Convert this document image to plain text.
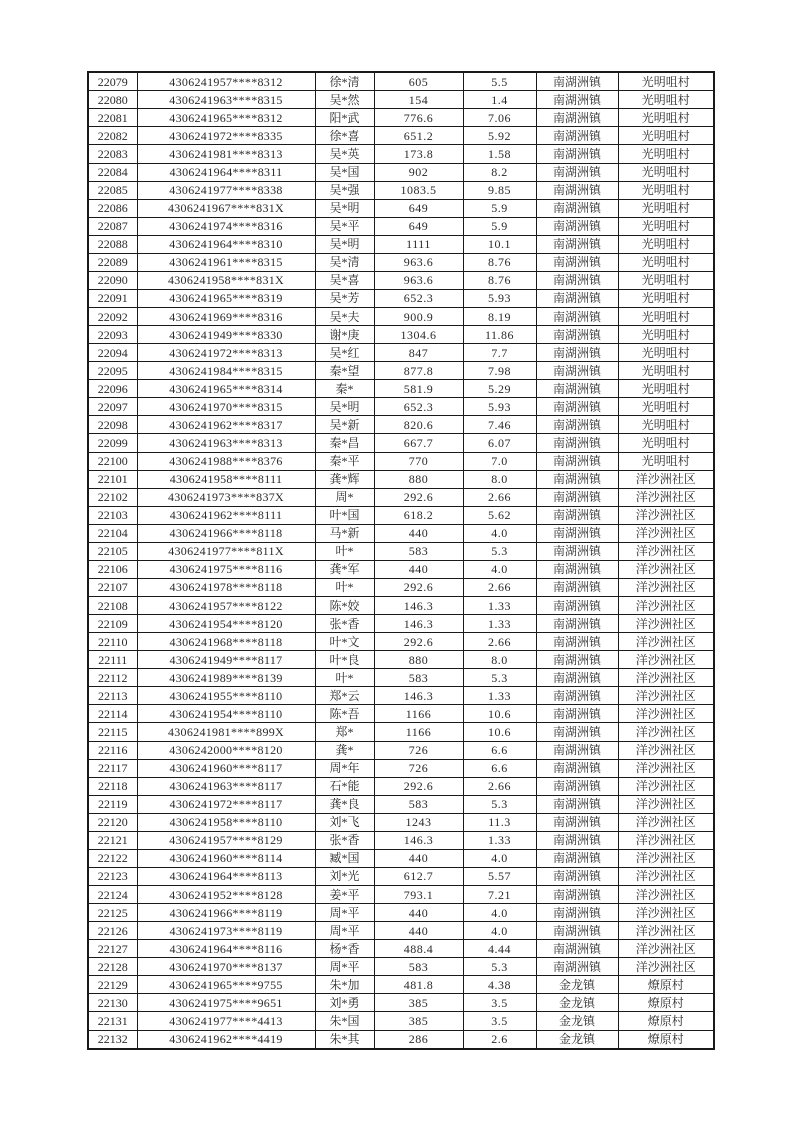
22079	4306241957****8312	徐*清	605	5.5	南湖洲镇	光明咀村
22080	4306241963****8315	吴*然	154	1.4	南湖洲镇	光明咀村
22081	4306241965****8312	阳*武	776.6	7.06	南湖洲镇	光明咀村
22082	4306241972****8335	徐*喜	651.2	5.92	南湖洲镇	光明咀村
22083	4306241981****8313	吴*英	173.8	1.58	南湖洲镇	光明咀村
22084	4306241964****8311	吴*国	902	8.2	南湖洲镇	光明咀村
22085	4306241977****8338	吴*强	1083.5	9.85	南湖洲镇	光明咀村
22086	4306241967****831X	吴*明	649	5.9	南湖洲镇	光明咀村
22087	4306241974****8316	吴*平	649	5.9	南湖洲镇	光明咀村
22088	4306241964****8310	吴*明	1111	10.1	南湖洲镇	光明咀村
22089	4306241961****8315	吴*清	963.6	8.76	南湖洲镇	光明咀村
22090	4306241958****831X	吴*喜	963.6	8.76	南湖洲镇	光明咀村
22091	4306241965****8319	吴*芳	652.3	5.93	南湖洲镇	光明咀村
22092	4306241969****8316	吴*夫	900.9	8.19	南湖洲镇	光明咀村
22093	4306241949****8330	谢*庚	1304.6	11.86	南湖洲镇	光明咀村
22094	4306241972****8313	吴*红	847	7.7	南湖洲镇	光明咀村
22095	4306241984****8315	秦*望	877.8	7.98	南湖洲镇	光明咀村
22096	4306241965****8314	秦*	581.9	5.29	南湖洲镇	光明咀村
22097	4306241970****8315	吴*明	652.3	5.93	南湖洲镇	光明咀村
22098	4306241962****8317	吴*新	820.6	7.46	南湖洲镇	光明咀村
22099	4306241963****8313	秦*昌	667.7	6.07	南湖洲镇	光明咀村
22100	4306241988****8376	秦*平	770	7.0	南湖洲镇	光明咀村
22101	4306241958****8111	龚*辉	880	8.0	南湖洲镇	洋沙洲社区
22102	4306241973****837X	周*	292.6	2.66	南湖洲镇	洋沙洲社区
22103	4306241962****8111	叶*国	618.2	5.62	南湖洲镇	洋沙洲社区
22104	4306241966****8118	马*新	440	4.0	南湖洲镇	洋沙洲社区
22105	4306241977****811X	叶*	583	5.3	南湖洲镇	洋沙洲社区
22106	4306241975****8116	龚*军	440	4.0	南湖洲镇	洋沙洲社区
22107	4306241978****8118	叶*	292.6	2.66	南湖洲镇	洋沙洲社区
22108	4306241957****8122	陈*姣	146.3	1.33	南湖洲镇	洋沙洲社区
22109	4306241954****8120	张*香	146.3	1.33	南湖洲镇	洋沙洲社区
22110	4306241968****8118	叶*文	292.6	2.66	南湖洲镇	洋沙洲社区
22111	4306241949****8117	叶*良	880	8.0	南湖洲镇	洋沙洲社区
22112	4306241989****8139	叶*	583	5.3	南湖洲镇	洋沙洲社区
22113	4306241955****8110	郑*云	146.3	1.33	南湖洲镇	洋沙洲社区
22114	4306241954****8110	陈*吾	1166	10.6	南湖洲镇	洋沙洲社区
22115	4306241981****899X	郑*	1166	10.6	南湖洲镇	洋沙洲社区
22116	4306242000****8120	龚*	726	6.6	南湖洲镇	洋沙洲社区
22117	4306241960****8117	周*年	726	6.6	南湖洲镇	洋沙洲社区
22118	4306241963****8117	石*能	292.6	2.66	南湖洲镇	洋沙洲社区
22119	4306241972****8117	龚*良	583	5.3	南湖洲镇	洋沙洲社区
22120	4306241958****8110	刘*飞	1243	11.3	南湖洲镇	洋沙洲社区
22121	4306241957****8129	张*香	146.3	1.33	南湖洲镇	洋沙洲社区
22122	4306241960****8114	臧*国	440	4.0	南湖洲镇	洋沙洲社区
22123	4306241964****8113	刘*光	612.7	5.57	南湖洲镇	洋沙洲社区
22124	4306241952****8128	姜*平	793.1	7.21	南湖洲镇	洋沙洲社区
22125	4306241966****8119	周*平	440	4.0	南湖洲镇	洋沙洲社区
22126	4306241973****8119	周*平	440	4.0	南湖洲镇	洋沙洲社区
22127	4306241964****8116	杨*香	488.4	4.44	南湖洲镇	洋沙洲社区
22128	4306241970****8137	周*平	583	5.3	南湖洲镇	洋沙洲社区
22129	4306241965****9755	朱*加	481.8	4.38	金龙镇	燎原村
22130	4306241975****9651	刘*勇	385	3.5	金龙镇	燎原村
22131	4306241977****4413	朱*国	385	3.5	金龙镇	燎原村
22132	4306241962****4419	朱*其	286	2.6	金龙镇	燎原村
